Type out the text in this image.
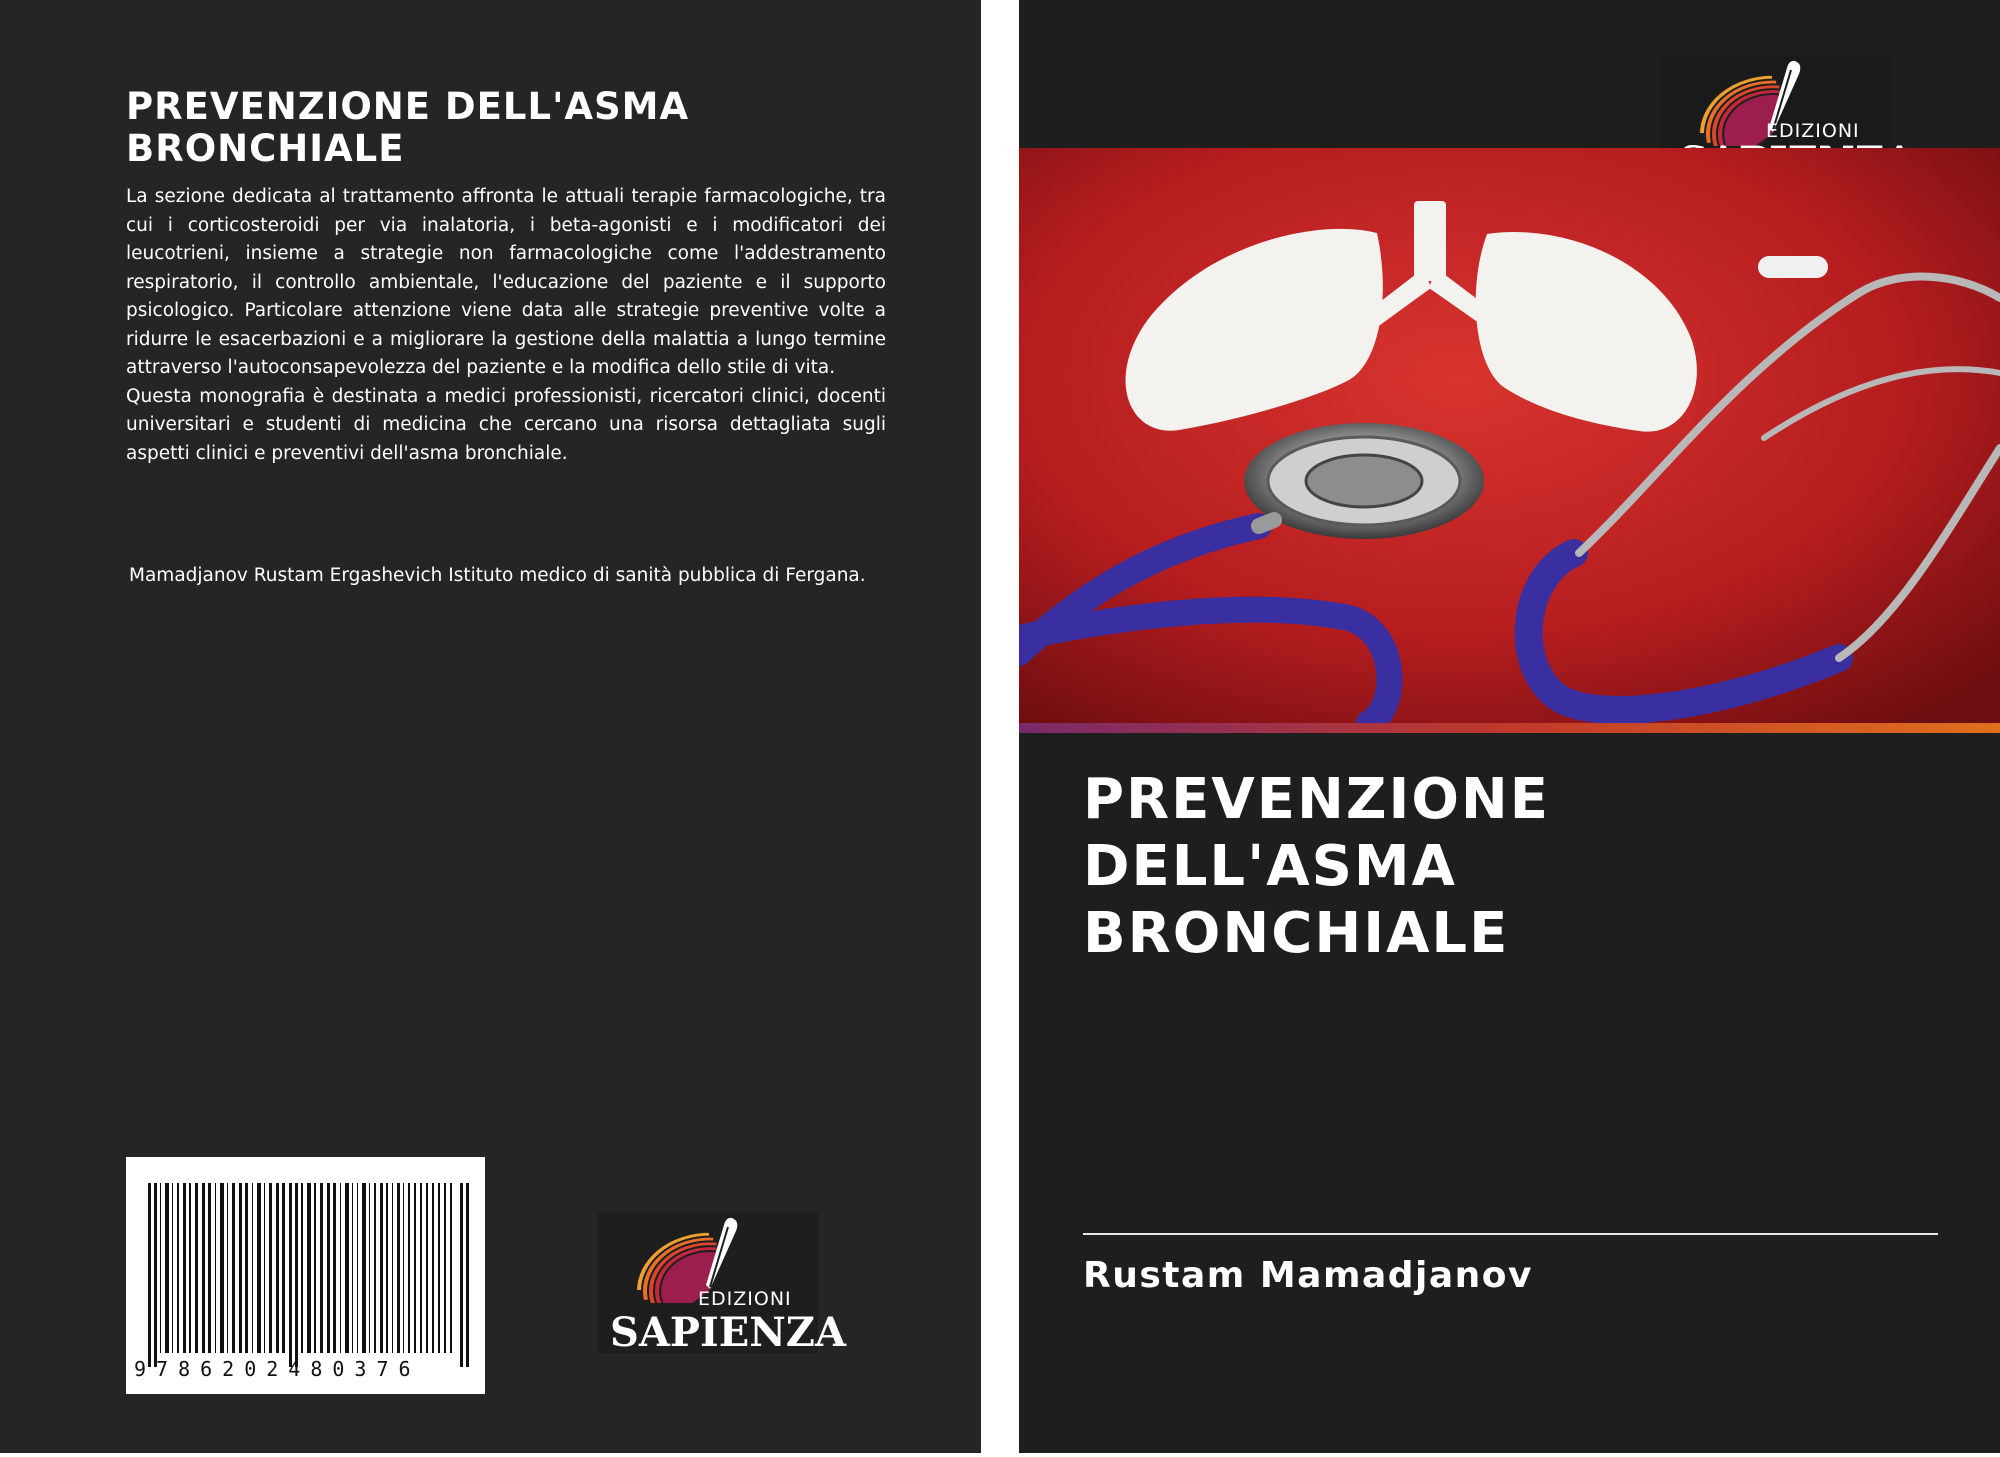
PREVENZIONE DELL'ASMA BRONCHIALE

La sezione dedicata al trattamento affronta le attuali terapie farmacologiche, tra cui i corticosteroidi per via inalatoria, i beta-agonisti e i modificatori dei leucotrieni, insieme a strategie non farmacologiche come l'addestramento respiratorio, il controllo ambientale, l'educazione del paziente e il supporto psicologico. Particolare attenzione viene data alle strategie preventive volte a ridurre le esacerbazioni e a migliorare la gestione della malattia a lungo termine attraverso l'autoconsapevolezza del paziente e la modifica dello stile di vita.

Questa monografia è destinata a medici professionisti, ricercatori clinici, docenti universitari e studenti di medicina che cercano una risorsa dettagliata sugli aspetti clinici e preventivi dell'asma bronchiale.

Mamadjanov Rustam Ergashevich Istituto medico di sanità pubblica di Fergana.

9786202480376
EDIZIONI
SAPIENZA
EDIZIONI
PREVENZIONE
DELL'ASMA
BRONCHIALE
Rustam Mamadjanov
